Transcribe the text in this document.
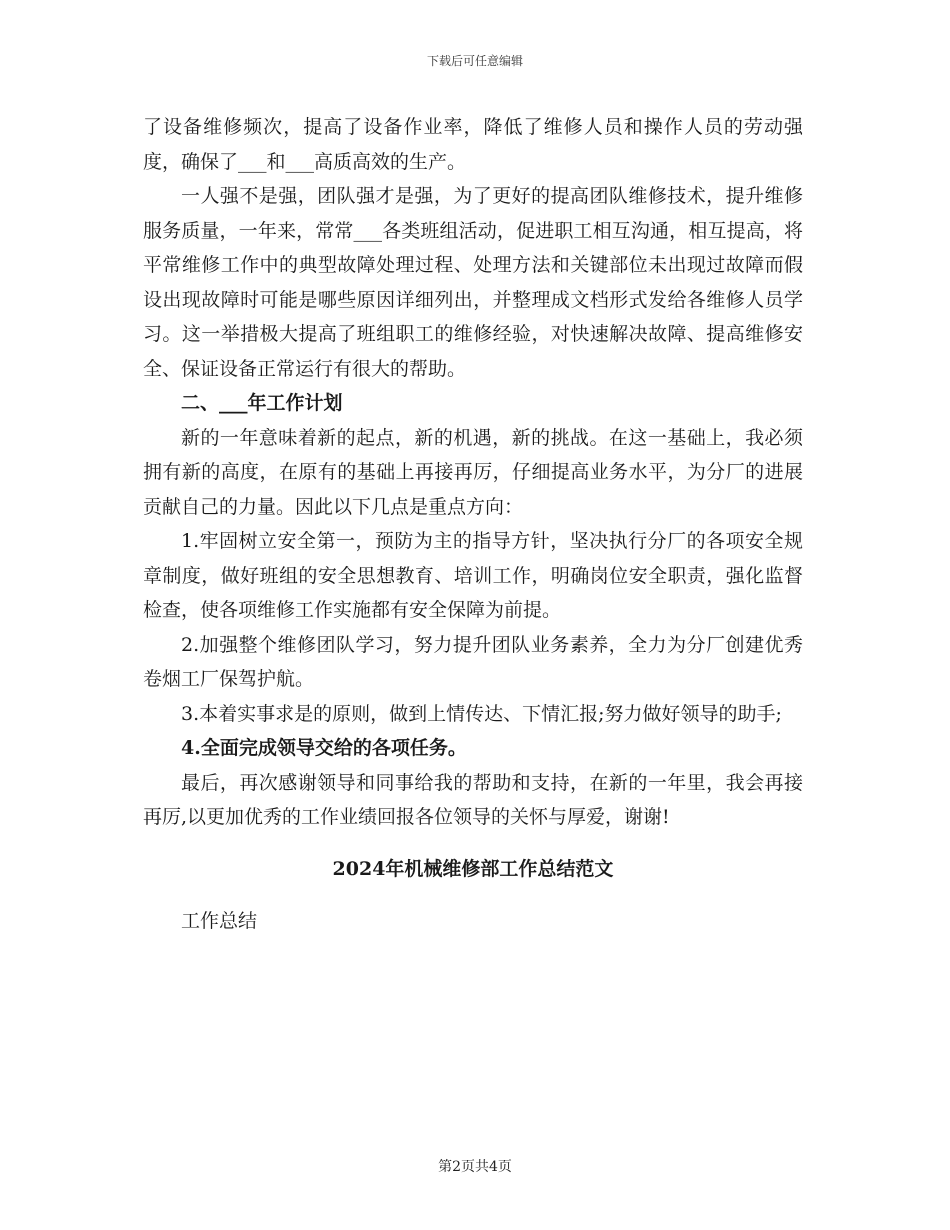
下载后可任意编辑

了设备维修频次，提高了设备作业率，降低了维修人员和操作人员的劳动强度，确保了___和___高质高效的生产。

一人强不是强，团队强才是强，为了更好的提高团队维修技术，提升维修服务质量，一年来，常常___各类班组活动，促进职工相互沟通，相互提高，将平常维修工作中的典型故障处理过程、处理方法和关键部位未出现过故障而假设出现故障时可能是哪些原因详细列出，并整理成文档形式发给各维修人员学习。这一举措极大提高了班组职工的维修经验，对快速解决故障、提高维修安全、保证设备正常运行有很大的帮助。

二、___年工作计划

新的一年意味着新的起点，新的机遇，新的挑战。在这一基础上，我必须拥有新的高度，在原有的基础上再接再厉，仔细提高业务水平，为分厂的进展贡献自己的力量。因此以下几点是重点方向：

1.牢固树立安全第一，预防为主的指导方针，坚决执行分厂的各项安全规章制度，做好班组的安全思想教育、培训工作，明确岗位安全职责，强化监督检查，使各项维修工作实施都有安全保障为前提。

2.加强整个维修团队学习，努力提升团队业务素养，全力为分厂创建优秀卷烟工厂保驾护航。

3.本着实事求是的原则，做到上情传达、下情汇报;努力做好领导的助手;

4.全面完成领导交给的各项任务。

最后，再次感谢领导和同事给我的帮助和支持，在新的一年里，我会再接再厉,以更加优秀的工作业绩回报各位领导的关怀与厚爱，谢谢!

2024年机械维修部工作总结范文

工作总结

第2页共4页
